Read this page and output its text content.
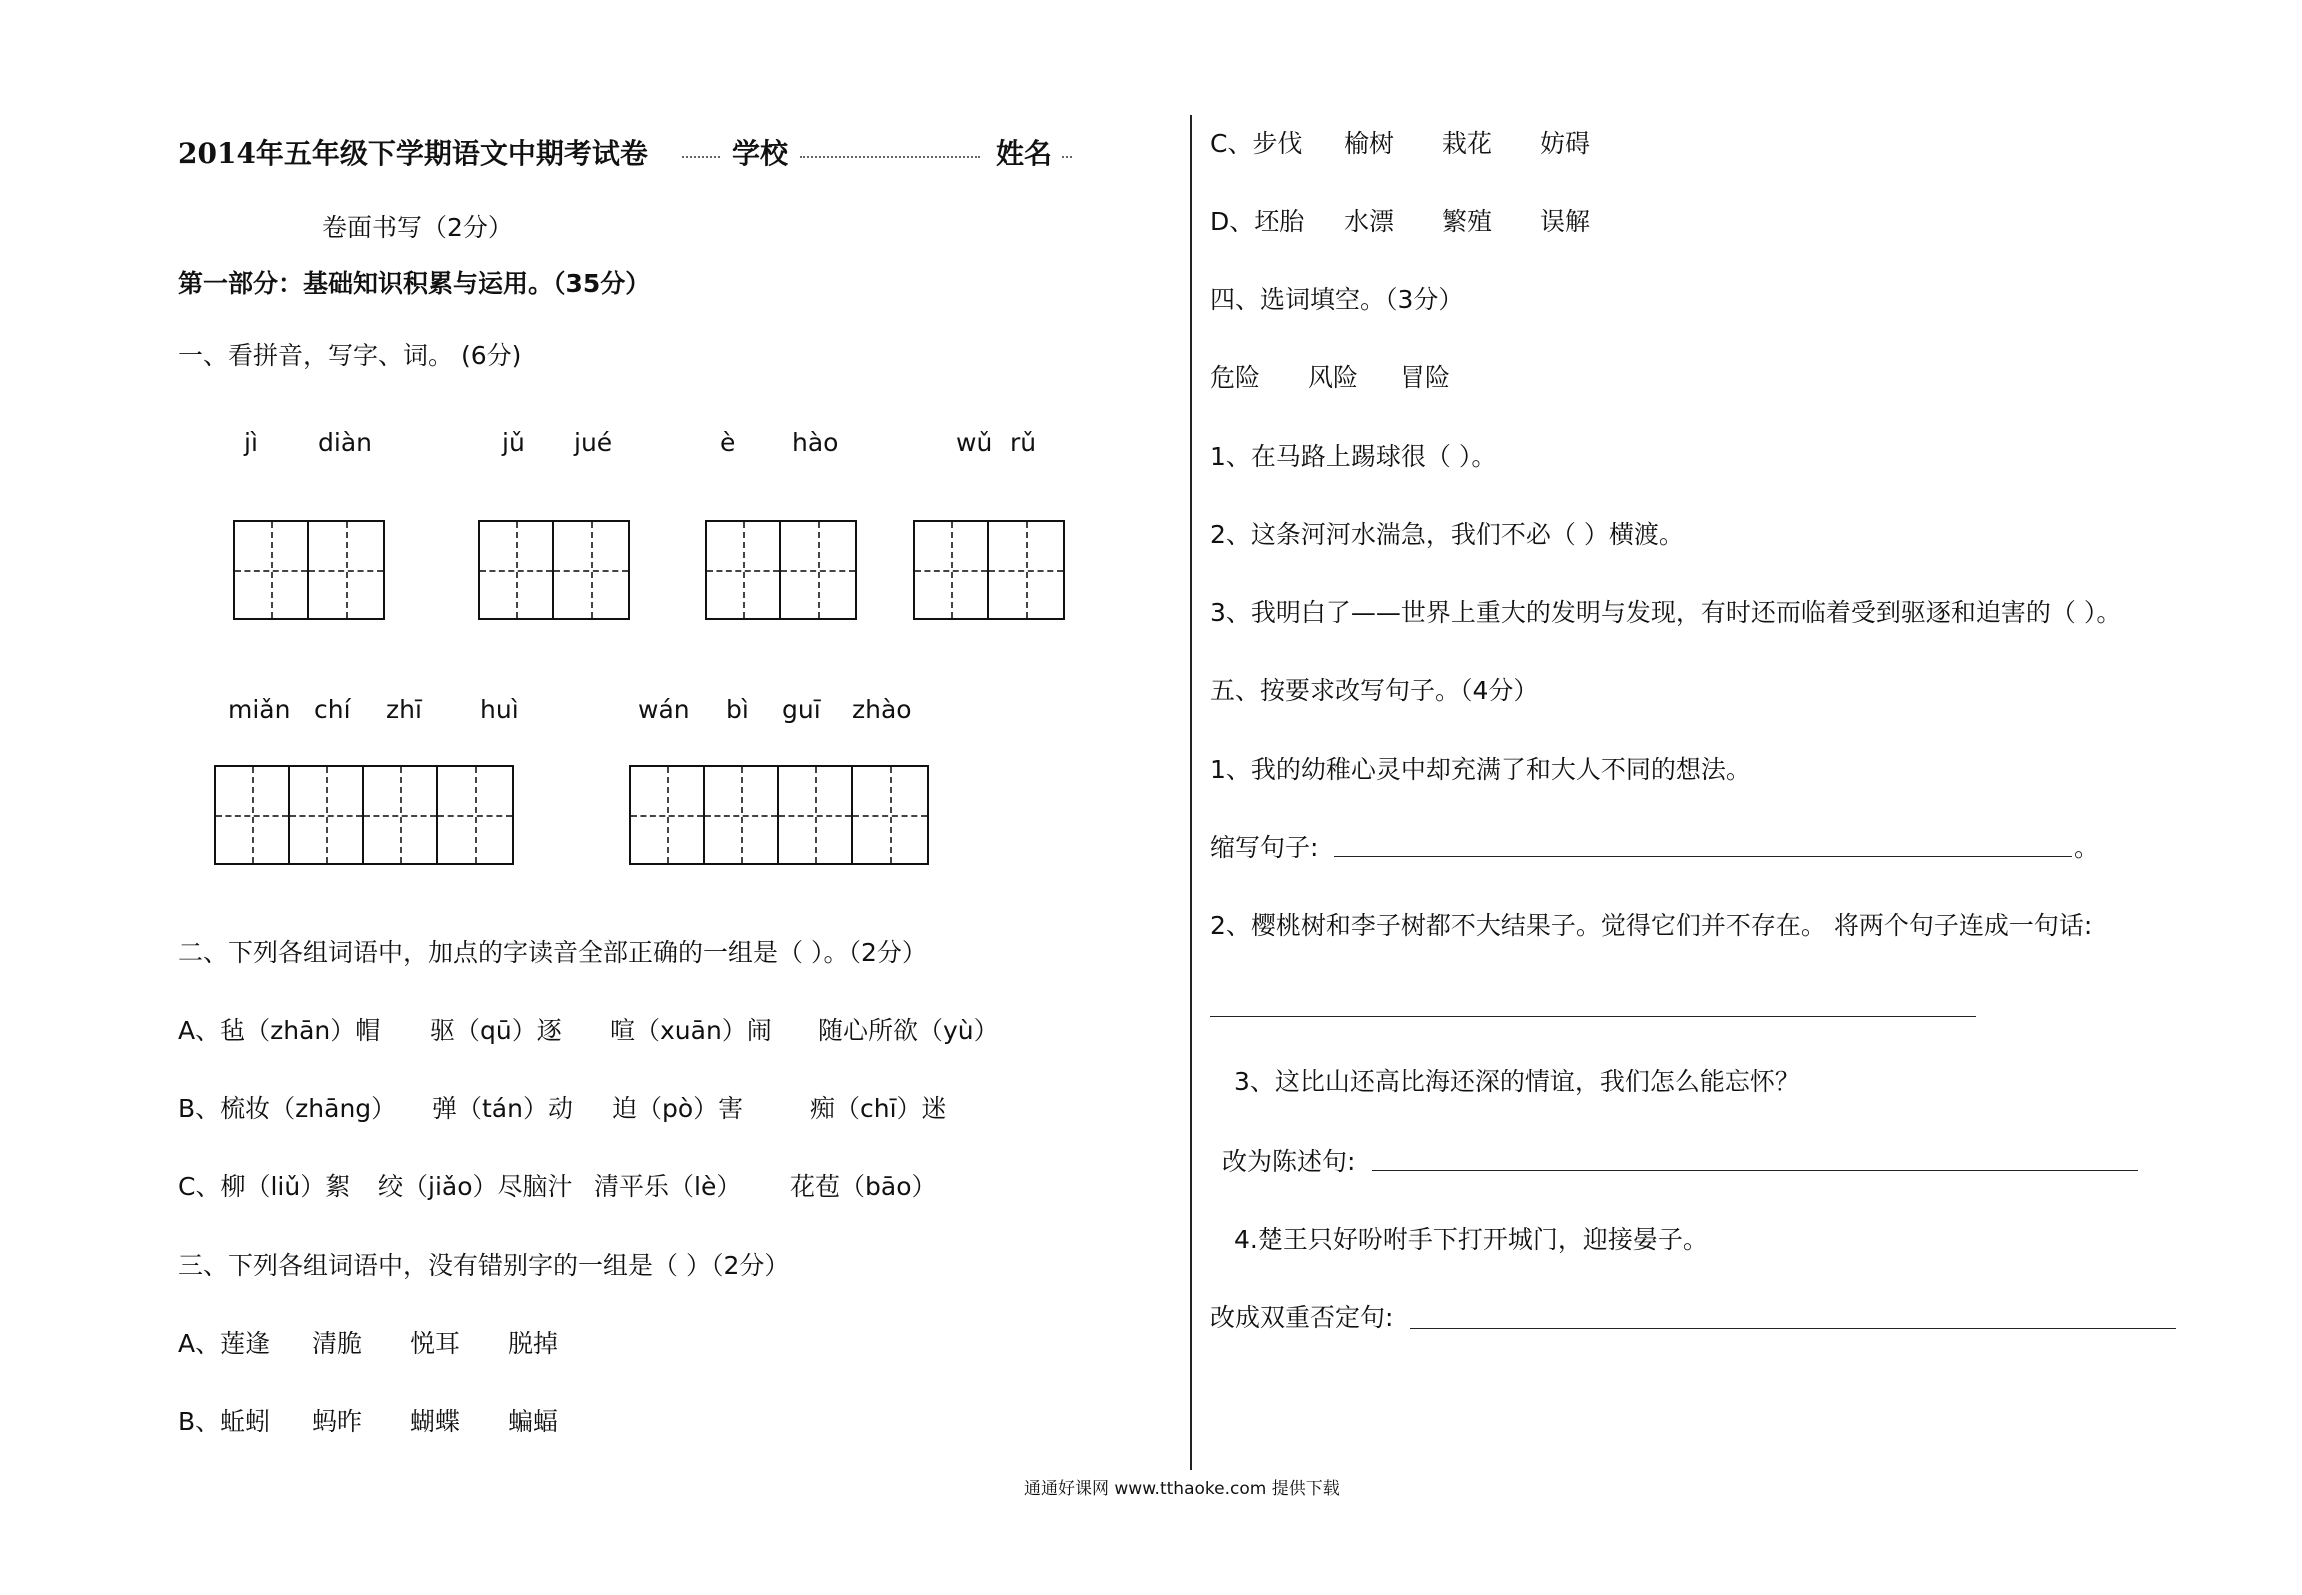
2014年五年级下学期语文中期考试卷	学校	姓名
卷面书写（2分）
第一部分：基础知识积累与运用。（35分）
一、看拼音，写字、词。 (6分)
jì diàn	jǔ jué	è hào	wǔ rǔ
miǎn chí zhī huì	wán bì guī zhào
二、下列各组词语中，加点的字读音全部正确的一组是（ ）。（2分）
A、毡（zhān）帽 驱（qū）逐 喧（xuān）闹 随心所欲（yù）
B、梳妆（zhāng） 弹（tán）动 迫（pò）害	痴（chī）迷
C、柳（liǔ）絮 绞（jiǎo）尽脑汁 清平乐（lè） 花苞（bāo）
三、下列各组词语中，没有错别字的一组是（ ）（2分）
A、莲逢 清脆 悦耳 脱掉
B、蚯蚓 蚂昨 蝴蝶 蝙蝠
C、步伐 榆树 栽花 妨碍
D、坯胎 水漂 繁殖 误解
四、选词填空。（3分）
危险 风险 冒险
1、在马路上踢球很（ ）。
2、这条河河水湍急，我们不必（ ）横渡。
3、我明白了——世界上重大的发明与发现，有时还而临着受到驱逐和迫害的（ ）。
五、按要求改写句子。（4分）
1、我的幼稚心灵中却充满了和大人不同的想法。
缩写句子:	。
2、樱桃树和李子树都不大结果子。觉得它们并不存在。 将两个句子连成一句话:
3、这比山还高比海还深的情谊，我们怎么能忘怀？
改为陈述句:
4.楚王只好吩咐手下打开城门，迎接晏子。
改成双重否定句:
通通好课网 www.tthaoke.com 提供下载
